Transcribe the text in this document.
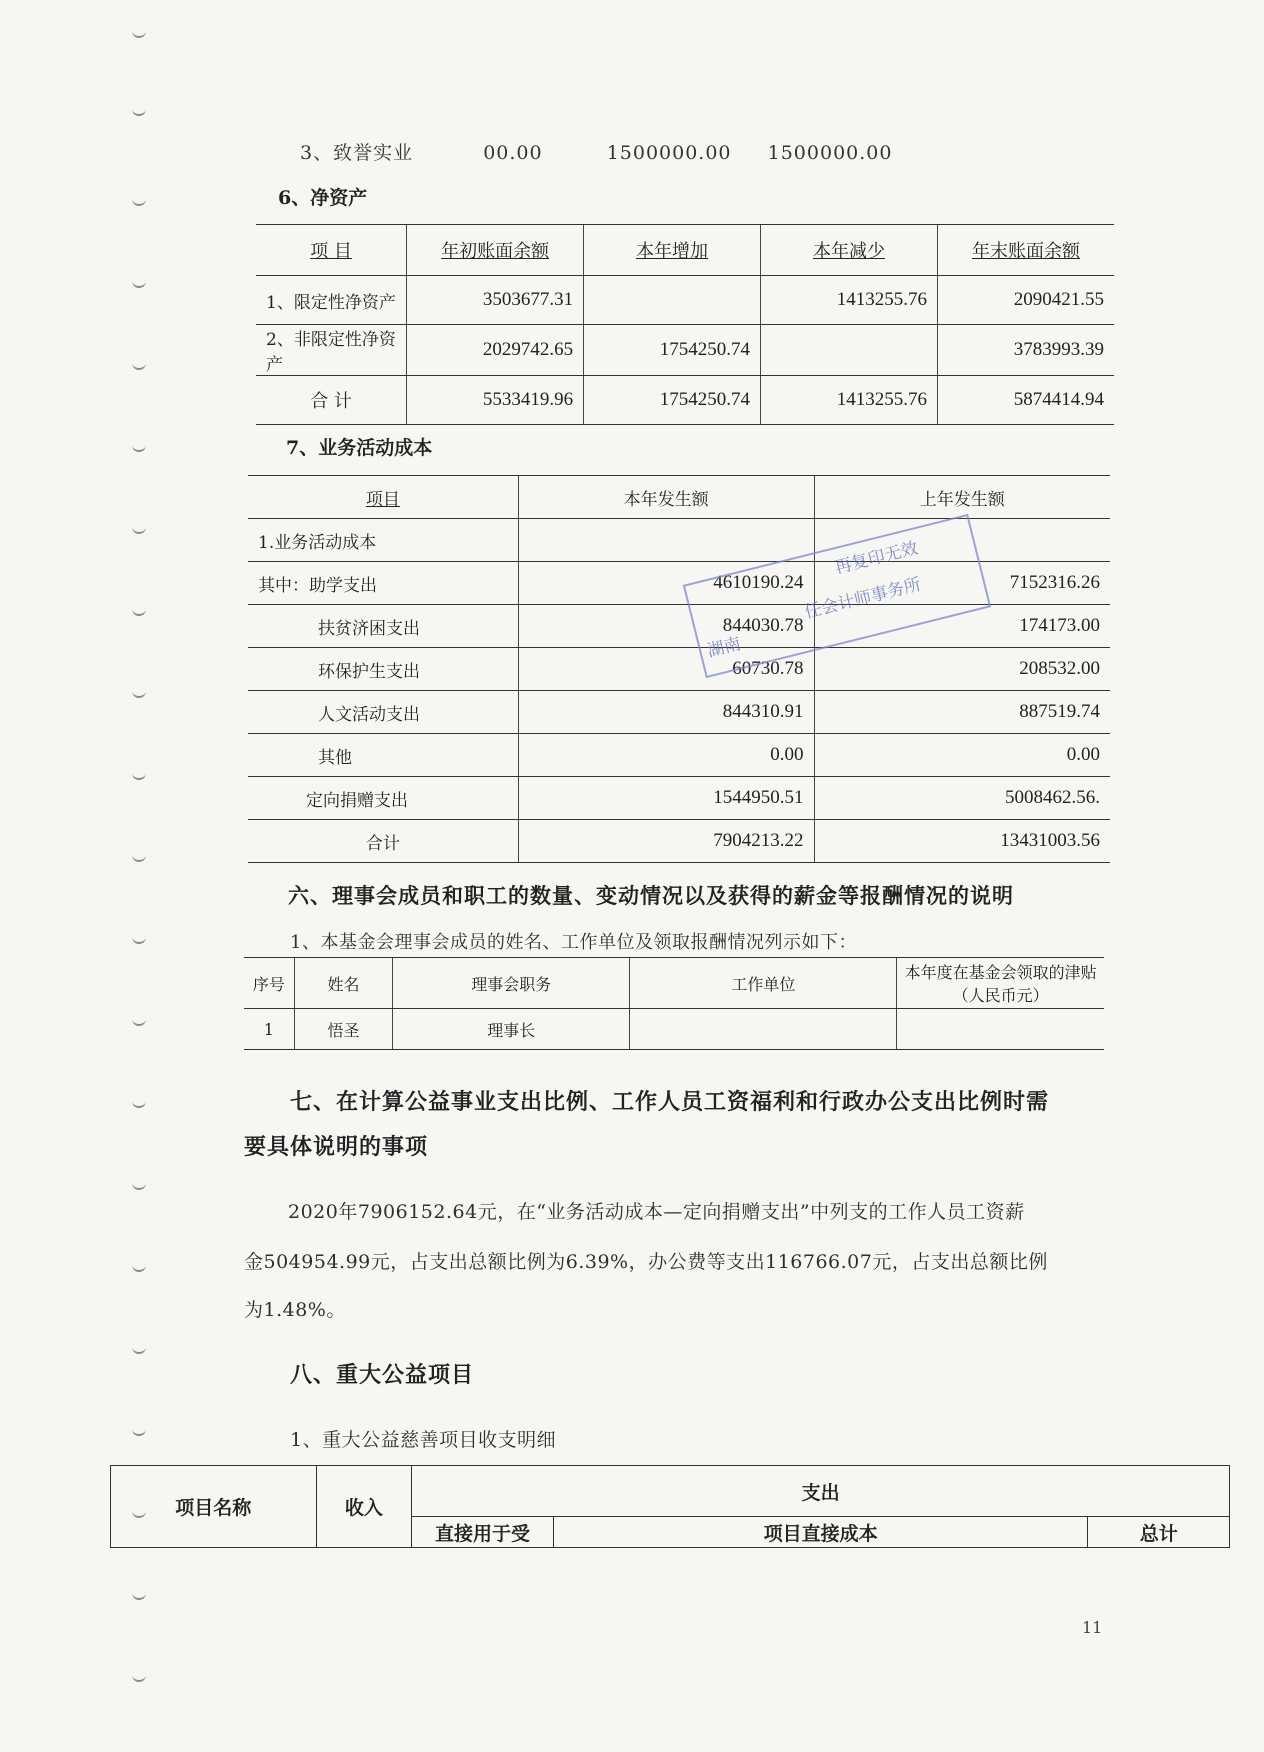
3、致誉实业	00.00	1500000.00 1500000.00
6、净资产
项 目	年初账面余额	本年增加	本年减少	年末账面余额
1、限定性净资产	3503677.31		1413255.76	2090421.55
2、非限定性净资产	2029742.65	1754250.74		3783993.39
合 计	5533419.96	1754250.74	1413255.76	5874414.94
7、业务活动成本
项目	本年发生额	上年发生额
1.业务活动成本		
其中：助学支出	4610190.24	7152316.26
扶贫济困支出	844030.78	174173.00
环保护生支出	60730.78	208532.00
人文活动支出	844310.91	887519.74
其他	0.00	0.00
定向捐赠支出	1544950.51	5008462.56.
合计	7904213.22	13431003.56
再复印无效
湖南
任会计师事务所
六、理事会成员和职工的数量、变动情况以及获得的薪金等报酬情况的说明
1、本基金会理事会成员的姓名、工作单位及领取报酬情况列示如下：
序号	姓名	理事会职务	工作单位	本年度在基金会领取的津贴（人民币元）
1	悟圣	理事长		
七、在计算公益事业支出比例、工作人员工资福利和行政办公支出比例时需
要具体说明的事项
2020年7906152.64元，在“业务活动成本—定向捐赠支出”中列支的工作人员工资薪
金504954.99元，占支出总额比例为6.39%，办公费等支出116766.07元，占支出总额比例
为1.48%。
八、重大公益项目
1、重大公益慈善项目收支明细
项目名称	收入	支出		
		直接用于受	项目直接成本	总计
11
